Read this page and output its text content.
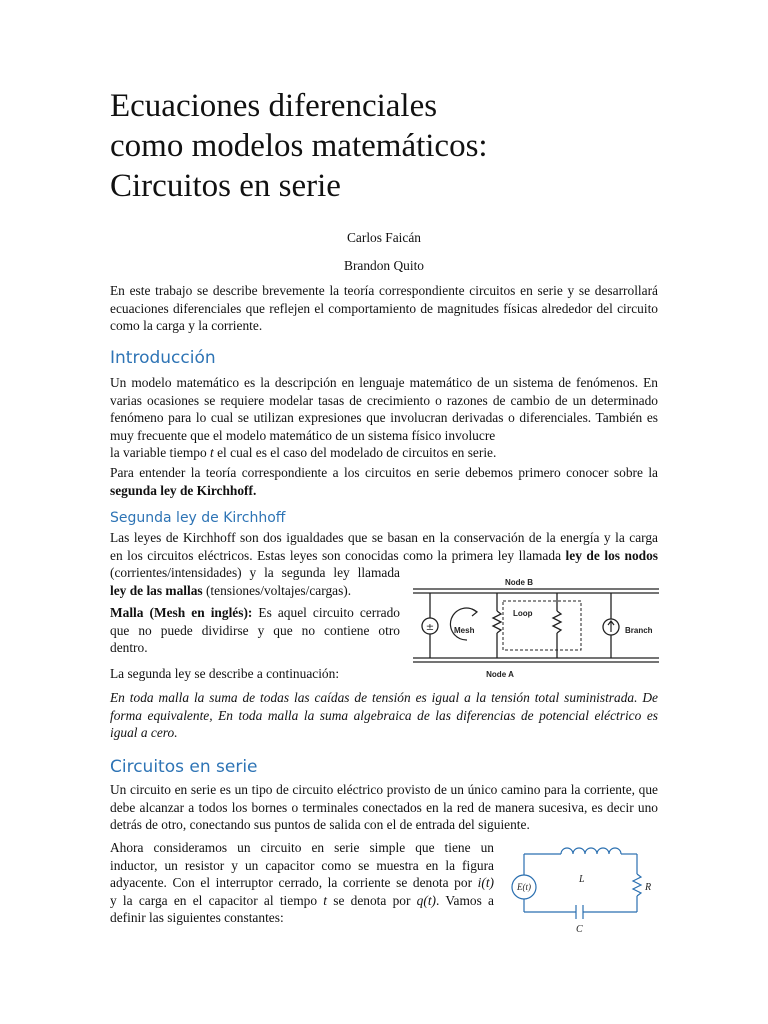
Ecuaciones diferenciales
como modelos matemáticos:
Circuitos en serie
Carlos Faicán
Brandon Quito
En este trabajo se describe brevemente la teoría correspondiente circuitos en serie y se desarrollará ecuaciones diferenciales que reflejen el comportamiento de magnitudes físicas alrededor del circuito como la carga y la corriente.
Introducción
Un modelo matemático es la descripción en lenguaje matemático de un sistema de fenómenos. En varias ocasiones se requiere modelar tasas de crecimiento o razones de cambio de un determinado fenómeno para lo cual se utilizan expresiones que involucran derivadas o diferenciales. También es muy frecuente que el modelo matemático de un sistema físico involucre
la variable tiempo t el cual es el caso del modelado de circuitos en serie.
Para entender la teoría correspondiente a los circuitos en serie debemos primero conocer sobre la
segunda ley de Kirchhoff.
Segunda ley de Kirchhoff
Las leyes de Kirchhoff son dos igualdades que se basan en la conservación de la energía y la carga
en los circuitos eléctricos. Estas leyes son conocidas como la primera ley llamada ley de los nodos
(corrientes/intensidades) y la segunda ley llamada
ley de las mallas (tensiones/voltajes/cargas).
Malla (Mesh en inglés): Es aquel circuito cerrado
que no puede dividirse y que no contiene otro
dentro.
La segunda ley se describe a continuación:
±
Node B
Node A
Loop
Mesh	Branch
En toda malla la suma de todas las caídas de tensión es igual a la tensión total suministrada. De forma equivalente, En toda malla la suma algebraica de las diferencias de potencial eléctrico es igual a cero.
Circuitos en serie
Un circuito en serie es un tipo de circuito eléctrico provisto de un único camino para la corriente, que debe alcanzar a todos los bornes o terminales conectados en la red de manera sucesiva, es decir uno detrás de otro, conectando sus puntos de salida con el de entrada del siguiente.
Ahora consideramos un circuito en serie simple que tiene un
inductor, un resistor y un capacitor como se muestra en la figura
adyacente. Con el interruptor cerrado, la corriente se denota por i(t)
y la carga en el capacitor al tiempo t se denota por q(t). Vamos a
definir las siguientes constantes:
E(t)
L
R
C
